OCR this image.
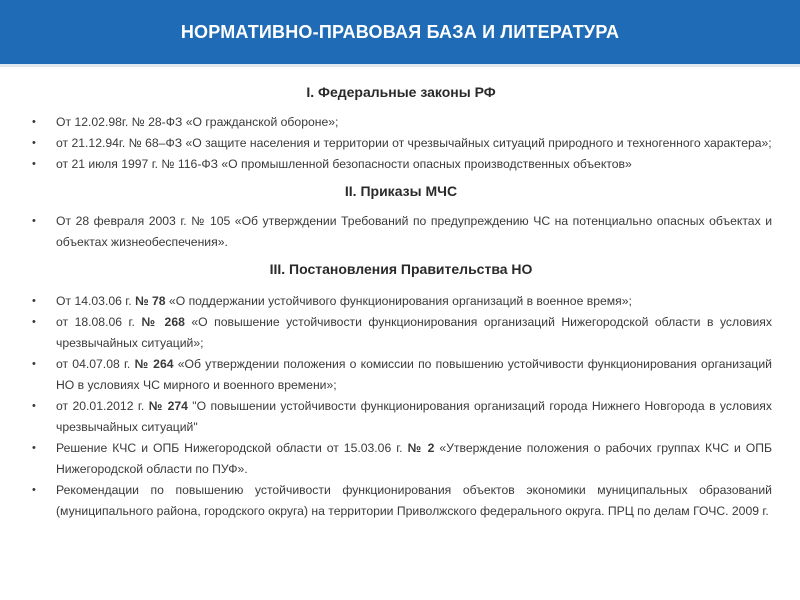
НОРМАТИВНО-ПРАВОВАЯ БАЗА И ЛИТЕРАТУРА

I. Федеральные законы РФ

• От 12.02.98г. № 28-ФЗ «О гражданской обороне»;
• от 21.12.94г. № 68–ФЗ «О защите населения и территории от чрезвычайных ситуаций природного и техногенного характера»;
• от 21 июля 1997 г. № 116-ФЗ «О промышленной безопасности опасных производственных объектов»

II. Приказы МЧС

• От 28 февраля 2003 г. № 105 «Об утверждении Требований по предупреждению ЧС на потенциально опасных объектах и объектах жизнеобеспечения».

III. Постановления Правительства НО

• От 14.03.06 г. № 78 «О поддержании устойчивого функционирования организаций в военное время»;
• от 18.08.06 г. № 268 «О повышение устойчивости функционирования организаций Нижегородской области в условиях чрезвычайных ситуаций»;
• от 04.07.08 г. № 264 «Об утверждении положения о комиссии по повышению устойчивости функционирования организаций НО в условиях ЧС мирного и военного времени»;
• от 20.01.2012 г. № 274 "О повышении устойчивости функционирования организаций города Нижнего Новгорода в условиях чрезвычайных ситуаций"
• Решение КЧС и ОПБ Нижегородской области от 15.03.06 г. № 2 «Утверждение положения о рабочих группах КЧС и ОПБ Нижегородской области по ПУФ».
• Рекомендации по повышению устойчивости функционирования объектов экономики муниципальных образований (муниципального района, городского округа) на территории Приволжского федерального округа. ПРЦ по делам ГОЧС. 2009 г.
